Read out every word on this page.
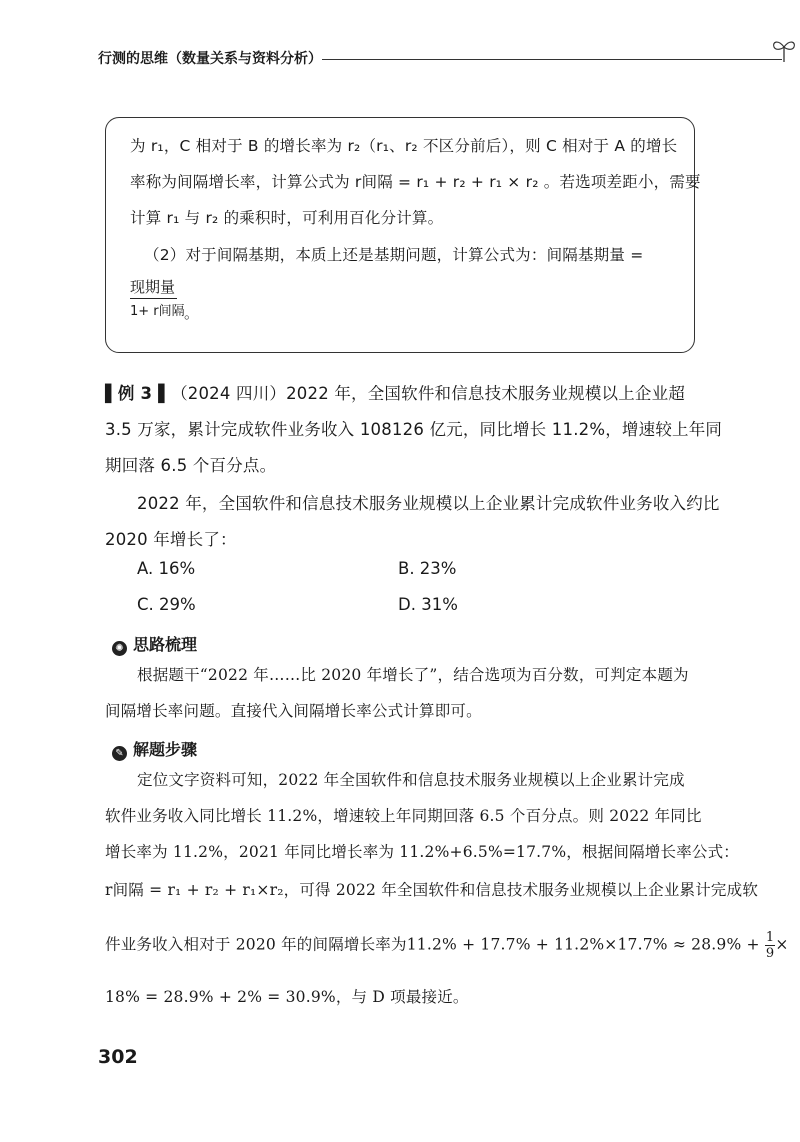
行测的思维（数量关系与资料分析）
为 r₁，C 相对于 B 的增长率为 r₂（r₁、r₂ 不区分前后），则 C 相对于 A 的增长
率称为间隔增长率，计算公式为 r间隔 = r₁ + r₂ + r₁ × r₂ 。若选项差距小，需要
计算 r₁ 与 r₂ 的乘积时，可利用百化分计算。
（2）对于间隔基期，本质上还是基期问题，计算公式为：间隔基期量 =
现期量
1+ r间隔 。
▌例 3 ▌（2024 四川）2022 年，全国软件和信息技术服务业规模以上企业超
3.5 万家，累计完成软件业务收入 108126 亿元，同比增长 11.2%，增速较上年同
期回落 6.5 个百分点。
2022 年，全国软件和信息技术服务业规模以上企业累计完成软件业务收入约比
2020 年增长了：
A. 16%	B. 23%
C. 29%	D. 31%
✺ 思路梳理
根据题干“2022 年……比 2020 年增长了”，结合选项为百分数，可判定本题为
间隔增长率问题。直接代入间隔增长率公式计算即可。
✎ 解题步骤
定位文字资料可知，2022 年全国软件和信息技术服务业规模以上企业累计完成
软件业务收入同比增长 11.2%，增速较上年同期回落 6.5 个百分点。则 2022 年同比
增长率为 11.2%，2021 年同比增长率为 11.2%+6.5%=17.7%，根据间隔增长率公式：
r间隔 = r₁ + r₂ + r₁×r₂，可得 2022 年全国软件和信息技术服务业规模以上企业累计完成软
件业务收入相对于 2020 年的间隔增长率为$11.2\% + 17.7\% + 11.2\%\times 17.7\% \approx 28.9\% + \frac{1}{9}$ ×
18% = 28.9% + 2% = 30.9%，与 D 项最接近。
302
